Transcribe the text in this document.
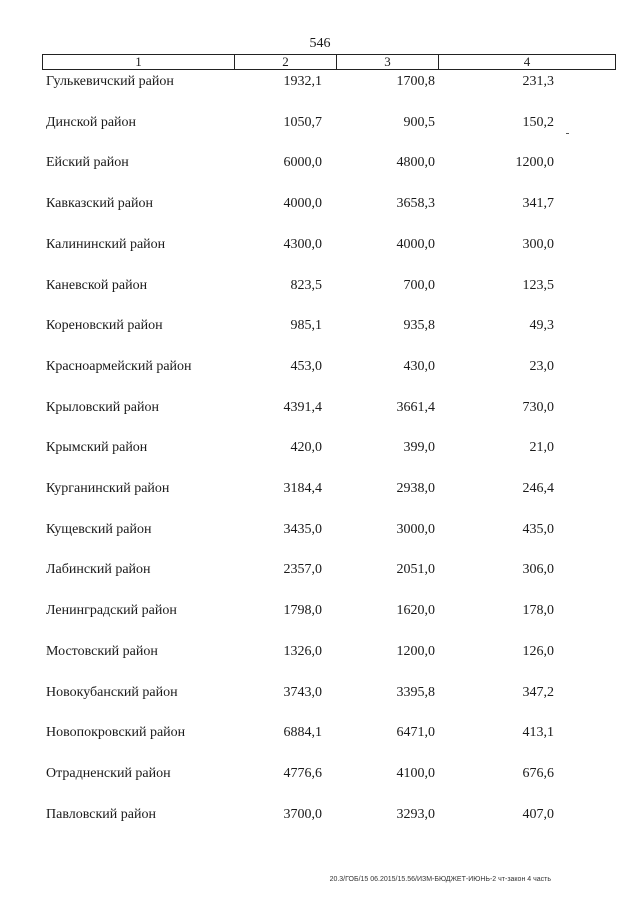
546
1	2	3	4
Гулькевичский район	1932,1	1700,8	231,3
Динской район	1050,7	900,5	150,2
Ейский район	6000,0	4800,0	1200,0
Кавказский район	4000,0	3658,3	341,7
Калининский район	4300,0	4000,0	300,0
Каневской район	823,5	700,0	123,5
Кореновский район	985,1	935,8	49,3
Красноармейский район	453,0	430,0	23,0
Крыловский район	4391,4	3661,4	730,0
Крымский район	420,0	399,0	21,0
Курганинский район	3184,4	2938,0	246,4
Кущевский район	3435,0	3000,0	435,0
Лабинский район	2357,0	2051,0	306,0
Ленинградский район	1798,0	1620,0	178,0
Мостовский район	1326,0	1200,0	126,0
Новокубанский район	3743,0	3395,8	347,2
Новопокровский район	6884,1	6471,0	413,1
Отрадненский район	4776,6	4100,0	676,6
Павловский район	3700,0	3293,0	407,0
20.3/ГОБ/15 06.2015/15.56/ИЗМ-БЮДЖЕТ-ИЮНЬ-2 чт-закон 4 часть
